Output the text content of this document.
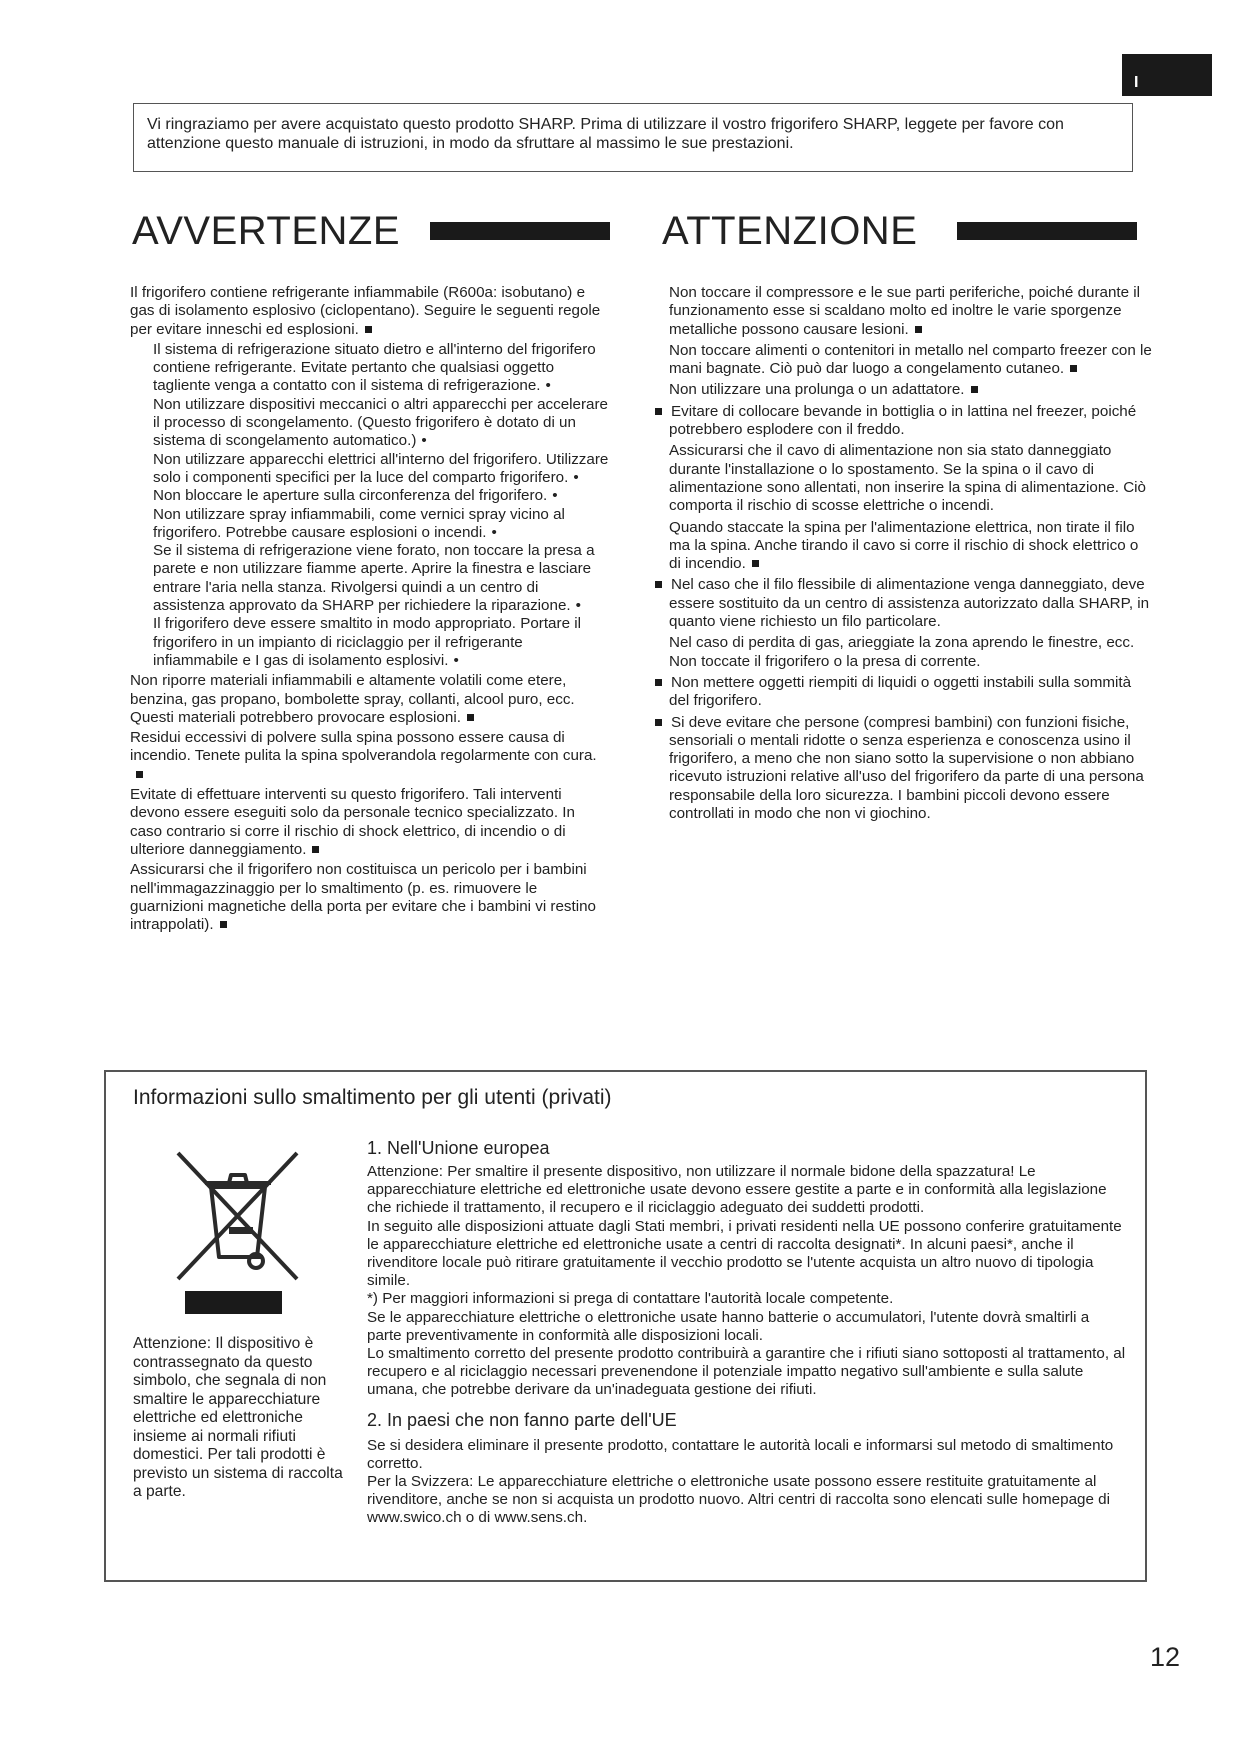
I
Vi ringraziamo per avere acquistato questo prodotto SHARP. Prima di utilizzare il vostro frigorifero SHARP, leggete per favore con attenzione questo manuale di istruzioni, in modo da sfruttare al massimo le sue prestazioni.
AVVERTENZE

Il frigorifero contiene refrigerante infiammabile (R600a: isobutano) e gas di isolamento esplosivo (ciclopentano). Seguire le seguenti regole per evitare inneschi ed esplosioni.

Il sistema di refrigerazione situato dietro e all'interno del frigorifero contiene refrigerante. Evitate pertanto che qualsiasi oggetto tagliente venga a contatto con il sistema di refrigerazione. •

Non utilizzare dispositivi meccanici o altri apparecchi per accelerare il processo di scongelamento. (Questo frigorifero è dotato di un sistema di scongelamento automatico.) •

Non utilizzare apparecchi elettrici all'interno del frigorifero. Utilizzare solo i componenti specifici per la luce del comparto frigorifero. •

Non bloccare le aperture sulla circonferenza del frigorifero. •

Non utilizzare spray infiammabili, come vernici spray vicino al frigorifero. Potrebbe causare esplosioni o incendi. •

Se il sistema di refrigerazione viene forato, non toccare la presa a parete e non utilizzare fiamme aperte. Aprire la finestra e lasciare entrare l'aria nella stanza. Rivolgersi quindi a un centro di assistenza approvato da SHARP per richiedere la riparazione. •

Il frigorifero deve essere smaltito in modo appropriato. Portare il frigorifero in un impianto di riciclaggio per il refrigerante infiammabile e I gas di isolamento esplosivi. •

Non riporre materiali infiammabili e altamente volatili come etere, benzina, gas propano, bombolette spray, collanti, alcool puro, ecc. Questi materiali potrebbero provocare esplosioni.

Residui eccessivi di polvere sulla spina possono essere causa di incendio. Tenete pulita la spina spolverandola regolarmente con cura.

Evitate di effettuare interventi su questo frigorifero. Tali interventi devono essere eseguiti solo da personale tecnico specializzato. In caso contrario si corre il rischio di shock elettrico, di incendio o di ulteriore danneggiamento.

Assicurarsi che il frigorifero non costituisca un pericolo per i bambini nell'immagazzinaggio per lo smaltimento (p. es. rimuovere le guarnizioni magnetiche della porta per evitare che i bambini vi restino intrappolati).

ATTENZIONE

Non toccare il compressore e le sue parti periferiche, poiché durante il funzionamento esse si scaldano molto ed inoltre le varie sporgenze metalliche possono causare lesioni.

Non toccare alimenti o contenitori in metallo nel comparto freezer con le mani bagnate. Ciò può dar luogo a congelamento cutaneo.

Non utilizzare una prolunga o un adattatore.

Evitare di collocare bevande in bottiglia o in lattina nel freezer, poiché potrebbero esplodere con il freddo.

Assicurarsi che il cavo di alimentazione non sia stato danneggiato durante l'installazione o lo spostamento. Se la spina o il cavo di alimentazione sono allentati, non inserire la spina di alimentazione. Ciò comporta il rischio di scosse elettriche o incendi.

Quando staccate la spina per l'alimentazione elettrica, non tirate il filo ma la spina. Anche tirando il cavo si corre il rischio di shock elettrico o di incendio.

Nel caso che il filo flessibile di alimentazione venga danneggiato, deve essere sostituito da un centro di assistenza autorizzato dalla SHARP, in quanto viene richiesto un filo particolare.

Nel caso di perdita di gas, arieggiate la zona aprendo le finestre, ecc. Non toccate il frigorifero o la presa di corrente.

Non mettere oggetti riempiti di liquidi o oggetti instabili sulla sommità del frigorifero.

Si deve evitare che persone (compresi bambini) con funzioni fisiche, sensoriali o mentali ridotte o senza esperienza e conoscenza usino il frigorifero, a meno che non siano sotto la supervisione o non abbiano ricevuto istruzioni relative all'uso del frigorifero da parte di una persona responsabile della loro sicurezza. I bambini piccoli devono essere controllati in modo che non vi giochino.

Informazioni sullo smaltimento per gli utenti (privati)
Attenzione: Il dispositivo è contrassegnato da questo simbolo, che segnala di non smaltire le apparecchiature elettriche ed elettroniche insieme ai normali rifiuti domestici. Per tali prodotti è previsto un sistema di raccolta a parte.
1. Nell'Unione europea

Attenzione: Per smaltire il presente dispositivo, non utilizzare il normale bidone della spazzatura! Le apparecchiature elettriche ed elettroniche usate devono essere gestite a parte e in conformità alla legislazione che richiede il trattamento, il recupero e il riciclaggio adeguato dei suddetti prodotti.

In seguito alle disposizioni attuate dagli Stati membri, i privati residenti nella UE possono conferire gratuitamente le apparecchiature elettriche ed elettroniche usate a centri di raccolta designati*. In alcuni paesi*, anche il rivenditore locale può ritirare gratuitamente il vecchio prodotto se l'utente acquista un altro nuovo di tipologia simile.

*) Per maggiori informazioni si prega di contattare l'autorità locale competente.

Se le apparecchiature elettriche o elettroniche usate hanno batterie o accumulatori, l'utente dovrà smaltirli a parte preventivamente in conformità alle disposizioni locali.

Lo smaltimento corretto del presente prodotto contribuirà a garantire che i rifiuti siano sottoposti al trattamento, al recupero e al riciclaggio necessari prevenendone il potenziale impatto negativo sull'ambiente e sulla salute umana, che potrebbe derivare da un'inadeguata gestione dei rifiuti.

2. In paesi che non fanno parte dell'UE

Se si desidera eliminare il presente prodotto, contattare le autorità locali e informarsi sul metodo di smaltimento corretto.

Per la Svizzera: Le apparecchiature elettriche o elettroniche usate possono essere restituite gratuitamente al rivenditore, anche se non si acquista un prodotto nuovo. Altri centri di raccolta sono elencati sulle homepage di www.swico.ch o di www.sens.ch.

12
